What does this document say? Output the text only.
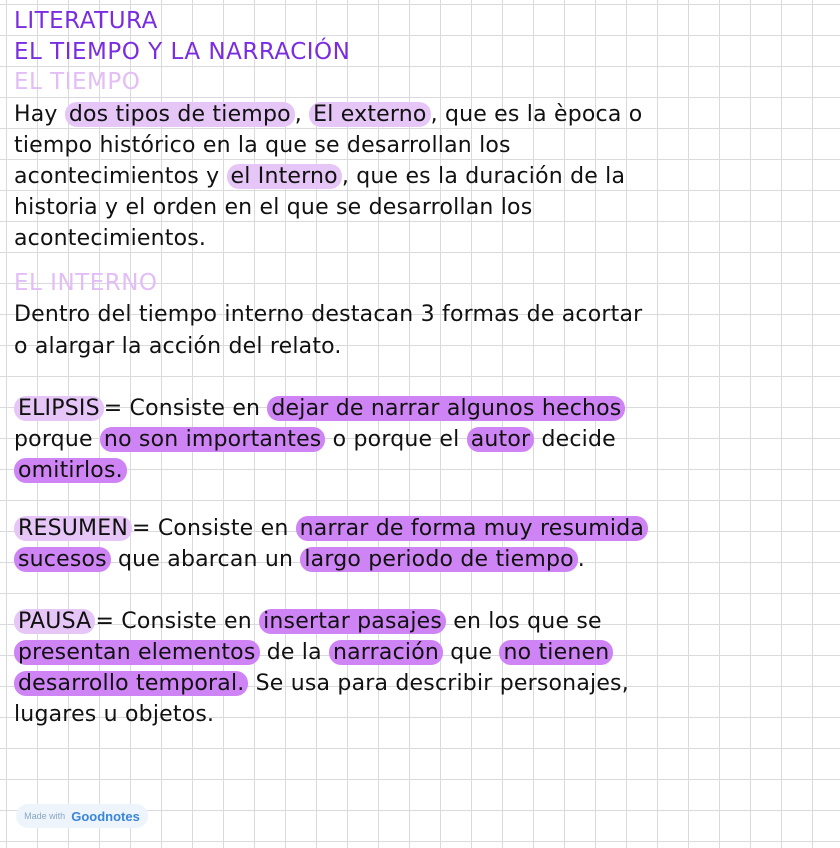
LITERATURA
EL TIEMPO Y LA NARRACIÓN
EL TIEMPO
Hay dos tipos de tiempo , El externo , que es la època o
tiempo histórico en la que se desarrollan los
acontecimientos y el Interno , que es la duración de la
historia y el orden en el que se desarrollan los
acontecimientos.
EL INTERNO
Dentro del tiempo interno destacan 3 formas de acortar
o alargar la acción del relato.
ELIPSIS = Consiste en dejar de narrar algunos hechos
porque no son importantes o porque el autor decide
omitirlos.
RESUMEN = Consiste en narrar de forma muy resumida
sucesos que abarcan un largo periodo de tiempo .
PAUSA = Consiste en insertar pasajes en los que se
presentan elementos de la narración que no tienen
desarrollo temporal. Se usa para describir personajes,
lugares u objetos.
Made with Goodnotes
